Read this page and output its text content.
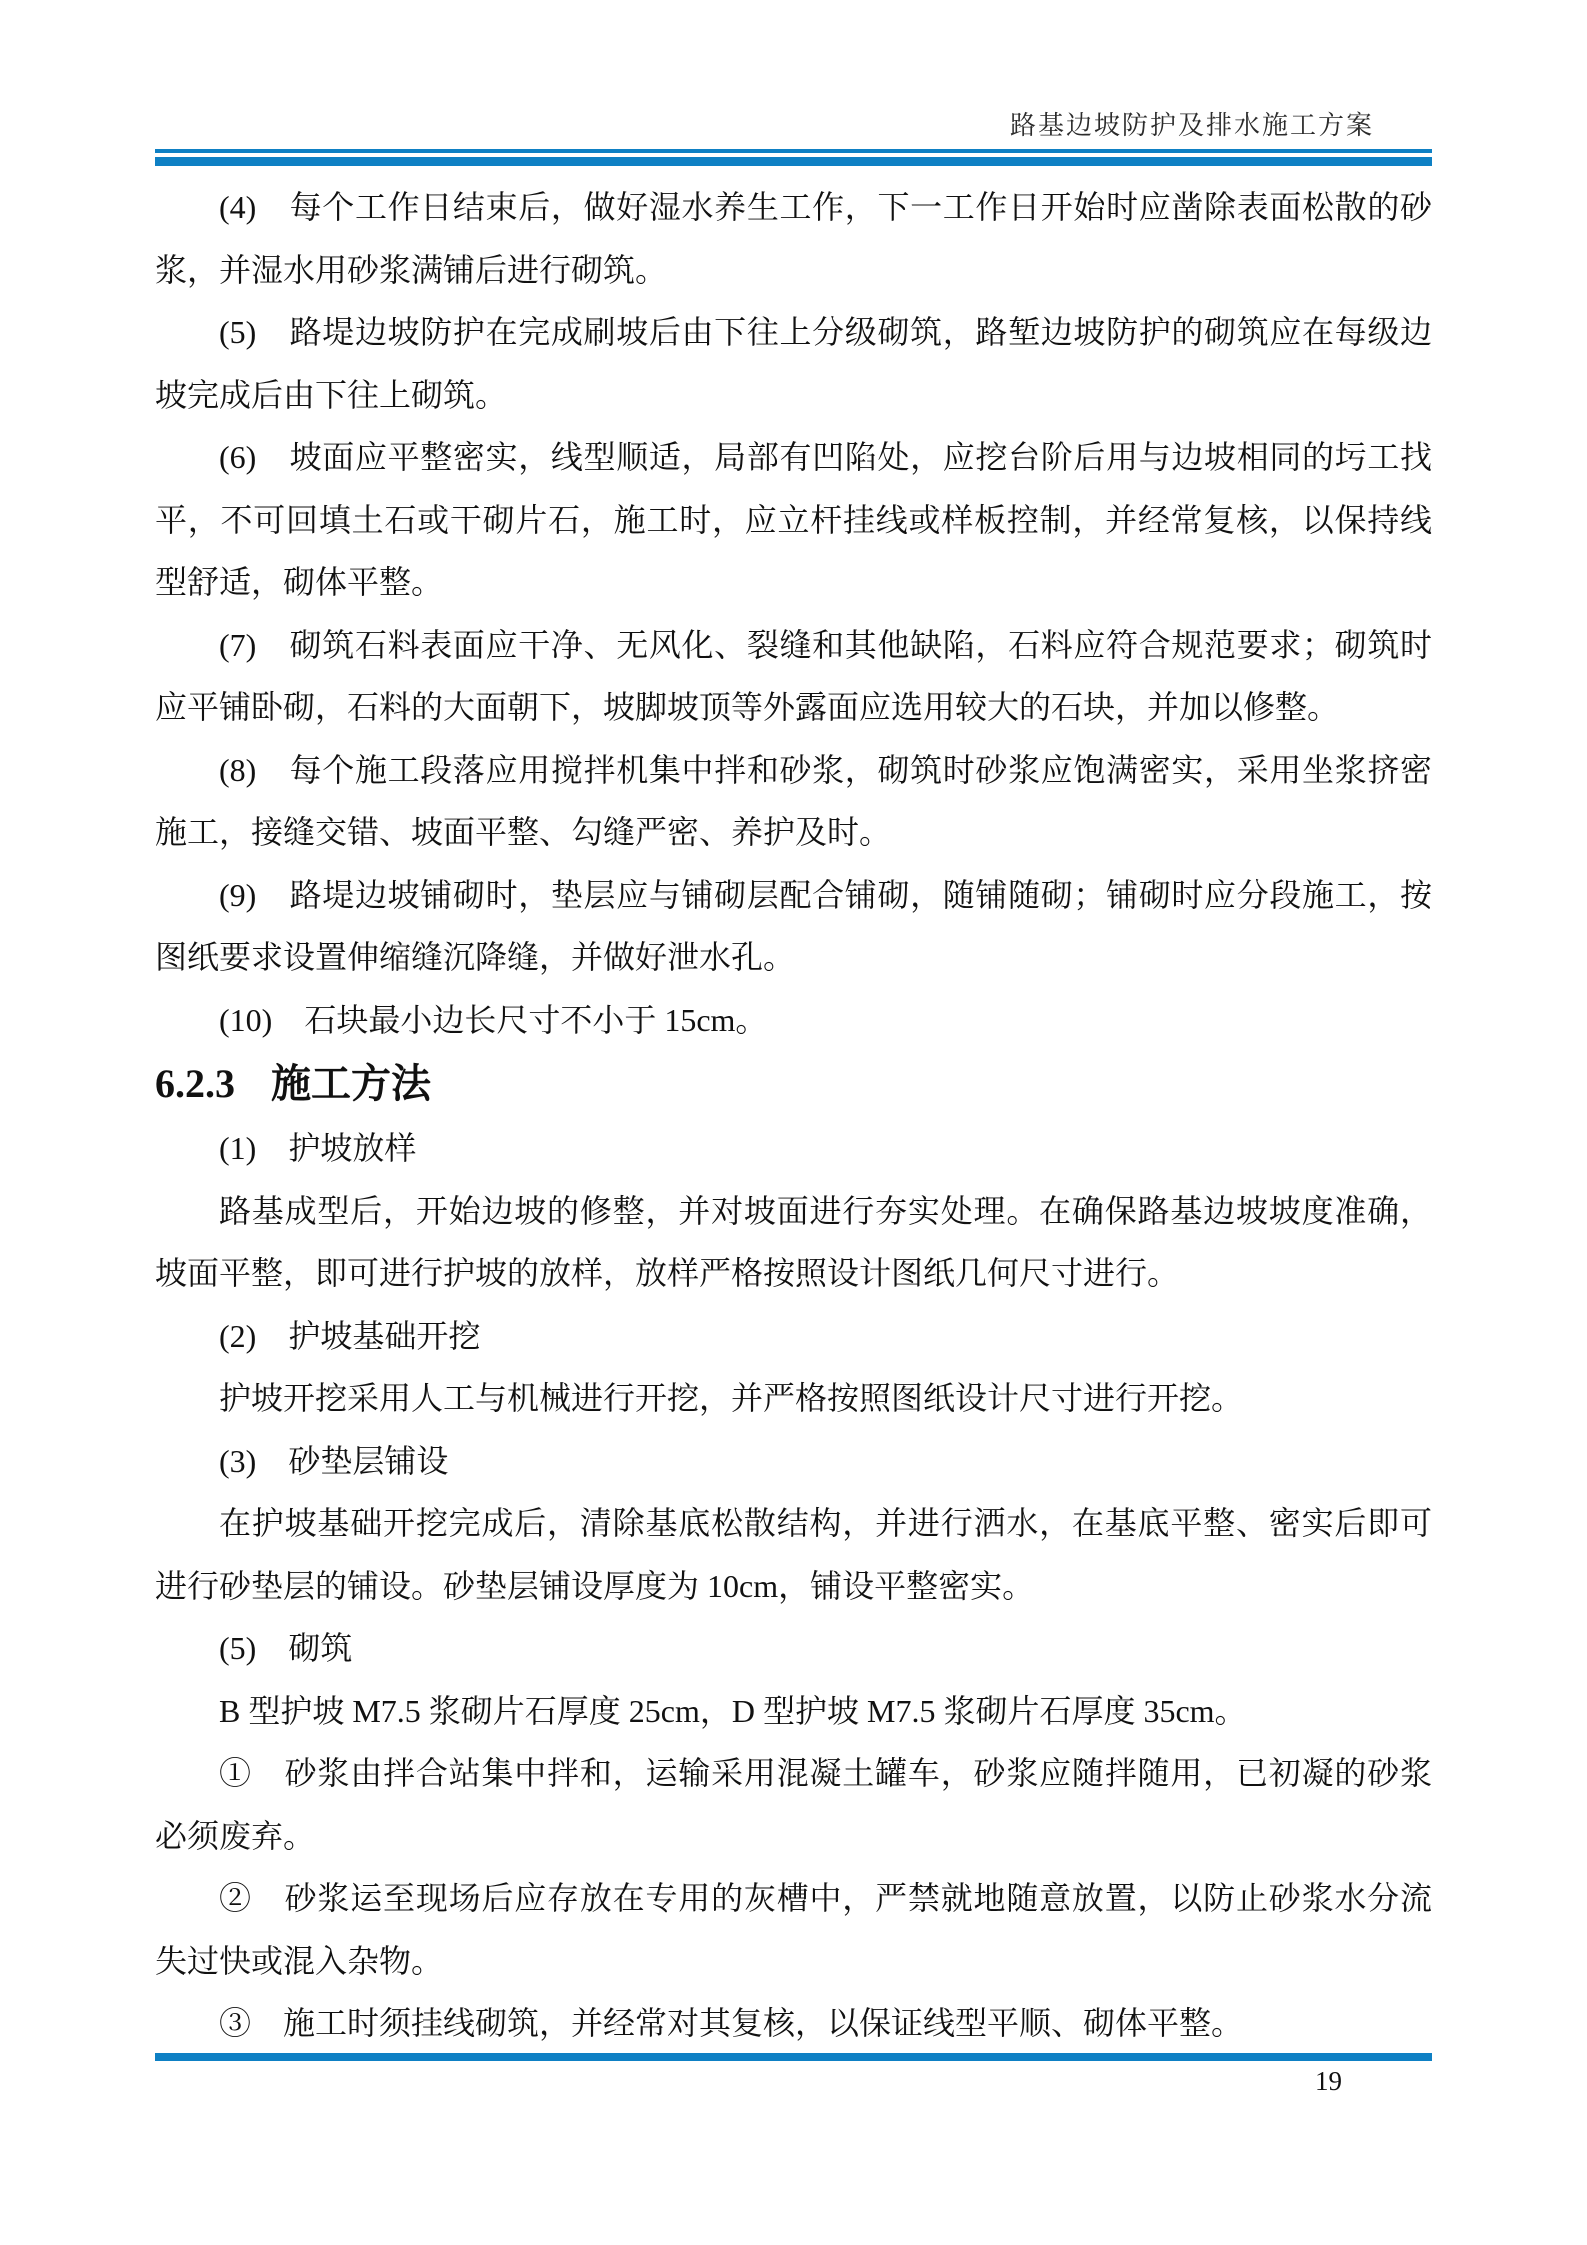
路基边坡防护及排水施工方案

(4)　每个工作日结束后，做好湿水养生工作，下一工作日开始时应凿除表面松散的砂浆，并湿水用砂浆满铺后进行砌筑。

(5)　路堤边坡防护在完成刷坡后由下往上分级砌筑，路堑边坡防护的砌筑应在每级边坡完成后由下往上砌筑。

(6)　坡面应平整密实，线型顺适，局部有凹陷处，应挖台阶后用与边坡相同的圬工找平，不可回填土石或干砌片石，施工时，应立杆挂线或样板控制，并经常复核，以保持线型舒适，砌体平整。

(7)　砌筑石料表面应干净、无风化、裂缝和其他缺陷，石料应符合规范要求；砌筑时应平铺卧砌，石料的大面朝下，坡脚坡顶等外露面应选用较大的石块，并加以修整。

(8)　每个施工段落应用搅拌机集中拌和砂浆，砌筑时砂浆应饱满密实，采用坐浆挤密施工，接缝交错、坡面平整、勾缝严密、养护及时。

(9)　路堤边坡铺砌时，垫层应与铺砌层配合铺砌，随铺随砌；铺砌时应分段施工，按图纸要求设置伸缩缝沉降缝，并做好泄水孔。

(10)　石块最小边长尺寸不小于 15cm。

6.2.3 施工方法

(1)　护坡放样

路基成型后，开始边坡的修整，并对坡面进行夯实处理。在确保路基边坡坡度准确，坡面平整，即可进行护坡的放样，放样严格按照设计图纸几何尺寸进行。

(2)　护坡基础开挖

护坡开挖采用人工与机械进行开挖，并严格按照图纸设计尺寸进行开挖。

(3)　砂垫层铺设

在护坡基础开挖完成后，清除基底松散结构，并进行洒水，在基底平整、密实后即可进行砂垫层的铺设。砂垫层铺设厚度为 10cm，铺设平整密实。

(5)　砌筑

B 型护坡 M7.5 浆砌片石厚度 25cm，D 型护坡 M7.5 浆砌片石厚度 35cm。

①　砂浆由拌合站集中拌和，运输采用混凝土罐车，砂浆应随拌随用，已初凝的砂浆必须废弃。

②　砂浆运至现场后应存放在专用的灰槽中，严禁就地随意放置，以防止砂浆水分流失过快或混入杂物。

③　施工时须挂线砌筑，并经常对其复核，以保证线型平顺、砌体平整。

19
